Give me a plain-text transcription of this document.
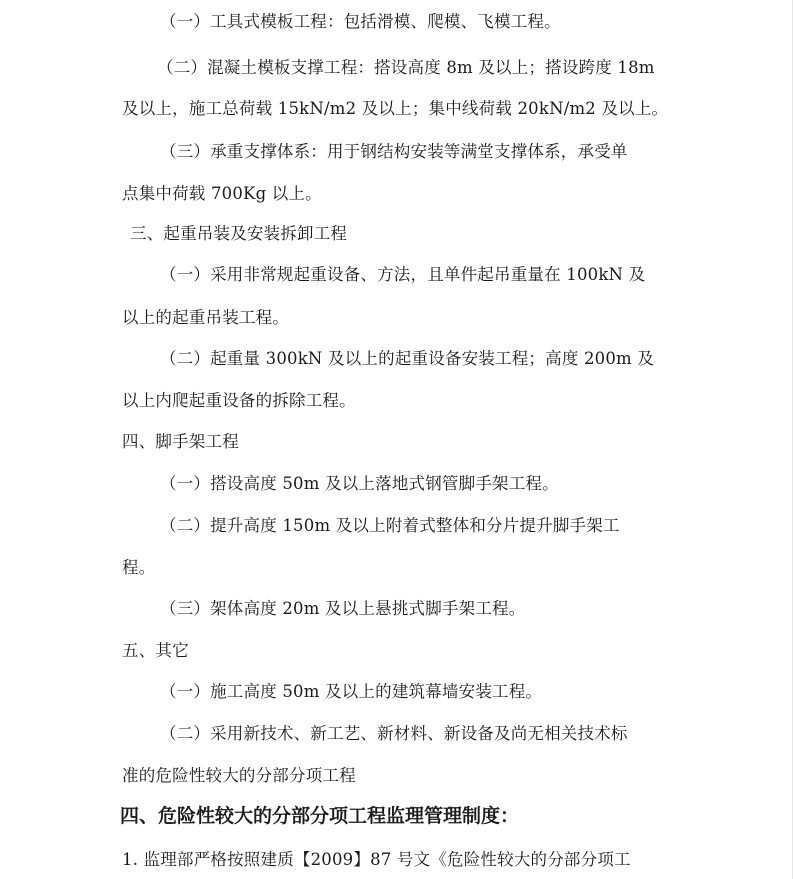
（一）工具式模板工程：包括滑模、爬模、飞模工程。
（二）混凝土模板支撑工程：搭设高度 8m 及以上；搭设跨度 18m
及以上，施工总荷载 15kN/m2 及以上；集中线荷载 20kN/m2 及以上。
（三）承重支撑体系：用于钢结构安装等满堂支撑体系，承受单
点集中荷载 700Kg 以上。
三、起重吊装及安装拆卸工程
（一）采用非常规起重设备、方法，且单件起吊重量在 100kN 及
以上的起重吊装工程。
（二）起重量 300kN 及以上的起重设备安装工程；高度 200m 及
以上内爬起重设备的拆除工程。
四、脚手架工程
（一）搭设高度 50m 及以上落地式钢管脚手架工程。
（二）提升高度 150m 及以上附着式整体和分片提升脚手架工
程。
（三）架体高度 20m 及以上悬挑式脚手架工程。
五、其它
（一）施工高度 50m 及以上的建筑幕墙安装工程。
（二）采用新技术、新工艺、新材料、新设备及尚无相关技术标
准的危险性较大的分部分项工程
四、危险性较大的分部分项工程监理管理制度：
1. 监理部严格按照建质【2009】87 号文《危险性较大的分部分项工
